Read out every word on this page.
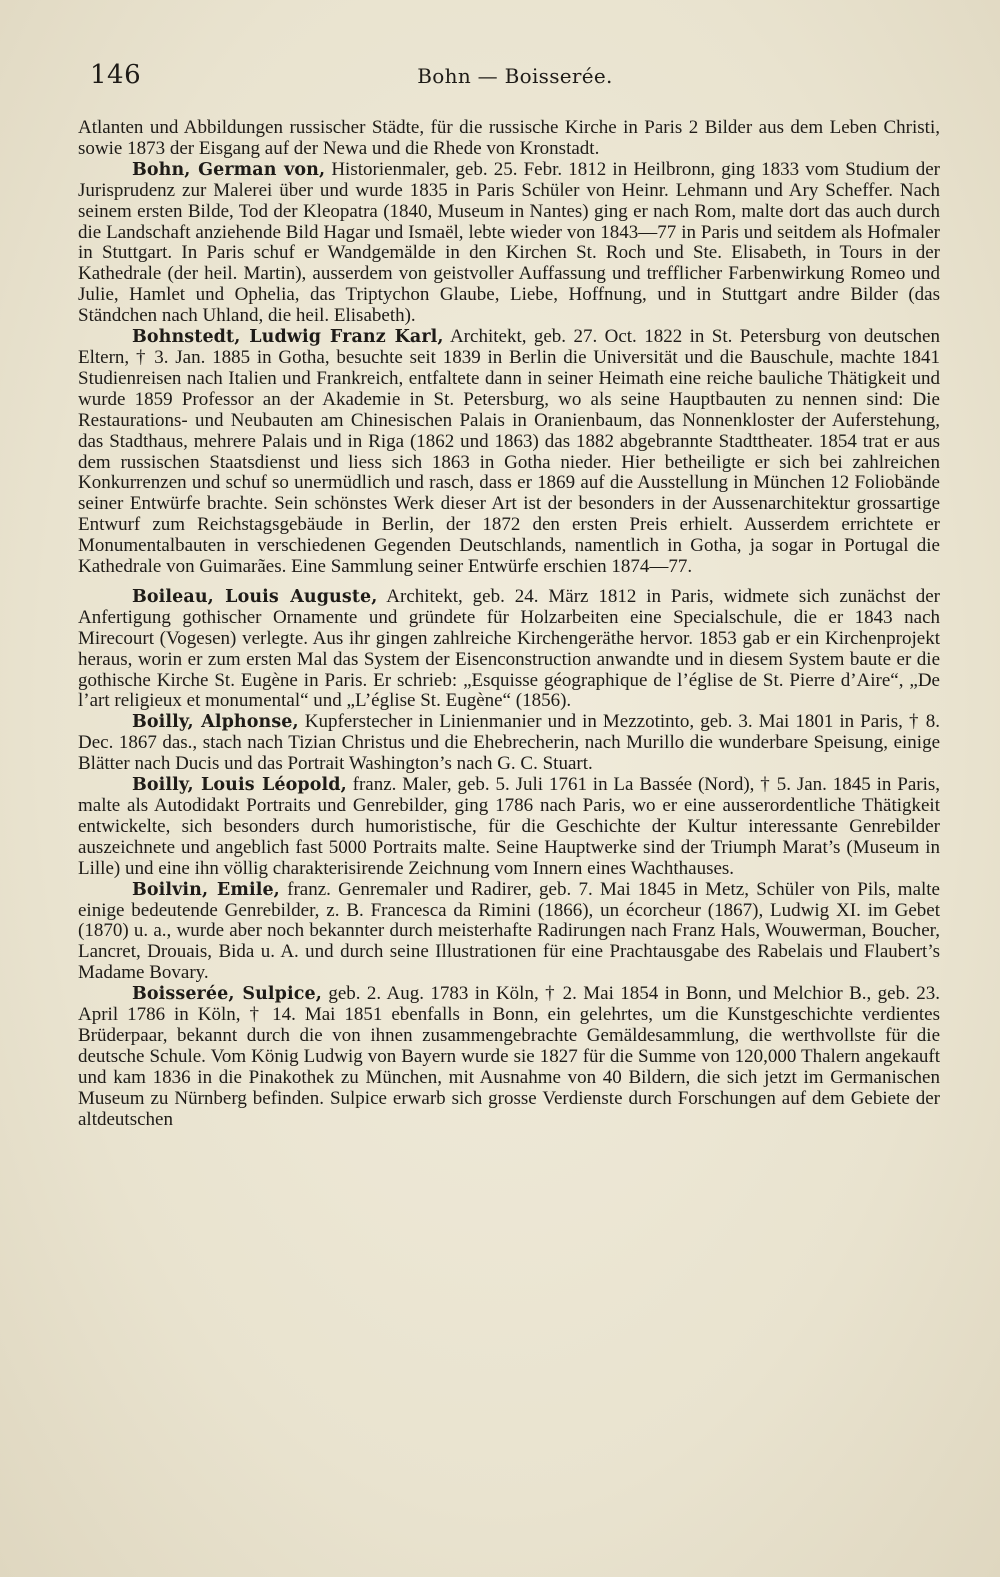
146	Bohn — Boisserée.

Atlanten und Abbildungen russischer Städte, für die russische Kirche in Paris 2 Bilder aus dem Leben Christi, sowie 1873 der Eisgang auf der Newa und die Rhede von Kronstadt.

Bohn, German von, Historienmaler, geb. 25. Febr. 1812 in Heilbronn, ging 1833 vom Studium der Jurisprudenz zur Malerei über und wurde 1835 in Paris Schüler von Heinr. Lehmann und Ary Scheffer. Nach seinem ersten Bilde, Tod der Kleopatra (1840, Museum in Nantes) ging er nach Rom, malte dort das auch durch die Landschaft anziehende Bild Hagar und Ismaël, lebte wieder von 1843—77 in Paris und seitdem als Hofmaler in Stuttgart. In Paris schuf er Wandgemälde in den Kirchen St. Roch und Ste. Elisabeth, in Tours in der Kathedrale (der heil. Martin), ausserdem von geistvoller Auffassung und trefflicher Farbenwirkung Romeo und Julie, Hamlet und Ophelia, das Triptychon Glaube, Liebe, Hoffnung, und in Stuttgart andre Bilder (das Ständchen nach Uhland, die heil. Elisabeth).

Bohnstedt, Ludwig Franz Karl, Architekt, geb. 27. Oct. 1822 in St. Petersburg von deutschen Eltern, † 3. Jan. 1885 in Gotha, besuchte seit 1839 in Berlin die Universität und die Bauschule, machte 1841 Studienreisen nach Italien und Frankreich, entfaltete dann in seiner Heimath eine reiche bauliche Thätigkeit und wurde 1859 Professor an der Akademie in St. Petersburg, wo als seine Hauptbauten zu nennen sind: Die Restaurations- und Neubauten am Chinesischen Palais in Oranienbaum, das Nonnenkloster der Auferstehung, das Stadthaus, mehrere Palais und in Riga (1862 und 1863) das 1882 abgebrannte Stadttheater. 1854 trat er aus dem russischen Staatsdienst und liess sich 1863 in Gotha nieder. Hier betheiligte er sich bei zahlreichen Konkurrenzen und schuf so unermüdlich und rasch, dass er 1869 auf die Ausstellung in München 12 Foliobände seiner Entwürfe brachte. Sein schönstes Werk dieser Art ist der besonders in der Aussenarchitektur grossartige Entwurf zum Reichstagsgebäude in Berlin, der 1872 den ersten Preis erhielt. Ausserdem errichtete er Monumentalbauten in verschiedenen Gegenden Deutschlands, namentlich in Gotha, ja sogar in Portugal die Kathedrale von Guimarães. Eine Sammlung seiner Entwürfe erschien 1874—77.

Boileau, Louis Auguste, Architekt, geb. 24. März 1812 in Paris, widmete sich zunächst der Anfertigung gothischer Ornamente und gründete für Holzarbeiten eine Specialschule, die er 1843 nach Mirecourt (Vogesen) verlegte. Aus ihr gingen zahlreiche Kirchengeräthe hervor. 1853 gab er ein Kirchenprojekt heraus, worin er zum ersten Mal das System der Eisenconstruction anwandte und in diesem System baute er die gothische Kirche St. Eugène in Paris. Er schrieb: „Esquisse géographique de l’église de St. Pierre d’Aire“, „De l’art religieux et monumental“ und „L’église St. Eugène“ (1856).

Boilly, Alphonse, Kupferstecher in Linienmanier und in Mezzotinto, geb. 3. Mai 1801 in Paris, † 8. Dec. 1867 das., stach nach Tizian Christus und die Ehebrecherin, nach Murillo die wunderbare Speisung, einige Blätter nach Ducis und das Portrait Washington’s nach G. C. Stuart.

Boilly, Louis Léopold, franz. Maler, geb. 5. Juli 1761 in La Bassée (Nord), † 5. Jan. 1845 in Paris, malte als Autodidakt Portraits und Genrebilder, ging 1786 nach Paris, wo er eine ausserordentliche Thätigkeit entwickelte, sich besonders durch humoristische, für die Geschichte der Kultur interessante Genrebilder auszeichnete und angeblich fast 5000 Portraits malte. Seine Hauptwerke sind der Triumph Marat’s (Museum in Lille) und eine ihn völlig charakterisirende Zeichnung vom Innern eines Wachthauses.

Boilvin, Emile, franz. Genremaler und Radirer, geb. 7. Mai 1845 in Metz, Schüler von Pils, malte einige bedeutende Genrebilder, z. B. Francesca da Rimini (1866), un écorcheur (1867), Ludwig XI. im Gebet (1870) u. a., wurde aber noch bekannter durch meisterhafte Radirungen nach Franz Hals, Wouwerman, Boucher, Lancret, Drouais, Bida u. A. und durch seine Illustrationen für eine Prachtausgabe des Rabelais und Flaubert’s Madame Bovary.

Boisserée, Sulpice, geb. 2. Aug. 1783 in Köln, † 2. Mai 1854 in Bonn, und Melchior B., geb. 23. April 1786 in Köln, † 14. Mai 1851 ebenfalls in Bonn, ein gelehrtes, um die Kunstgeschichte verdientes Brüderpaar, bekannt durch die von ihnen zusammengebrachte Gemäldesammlung, die werthvollste für die deutsche Schule. Vom König Ludwig von Bayern wurde sie 1827 für die Summe von 120,000 Thalern angekauft und kam 1836 in die Pinakothek zu München, mit Ausnahme von 40 Bildern, die sich jetzt im Germanischen Museum zu Nürnberg befinden. Sulpice erwarb sich grosse Verdienste durch Forschungen auf dem Gebiete der altdeutschen
